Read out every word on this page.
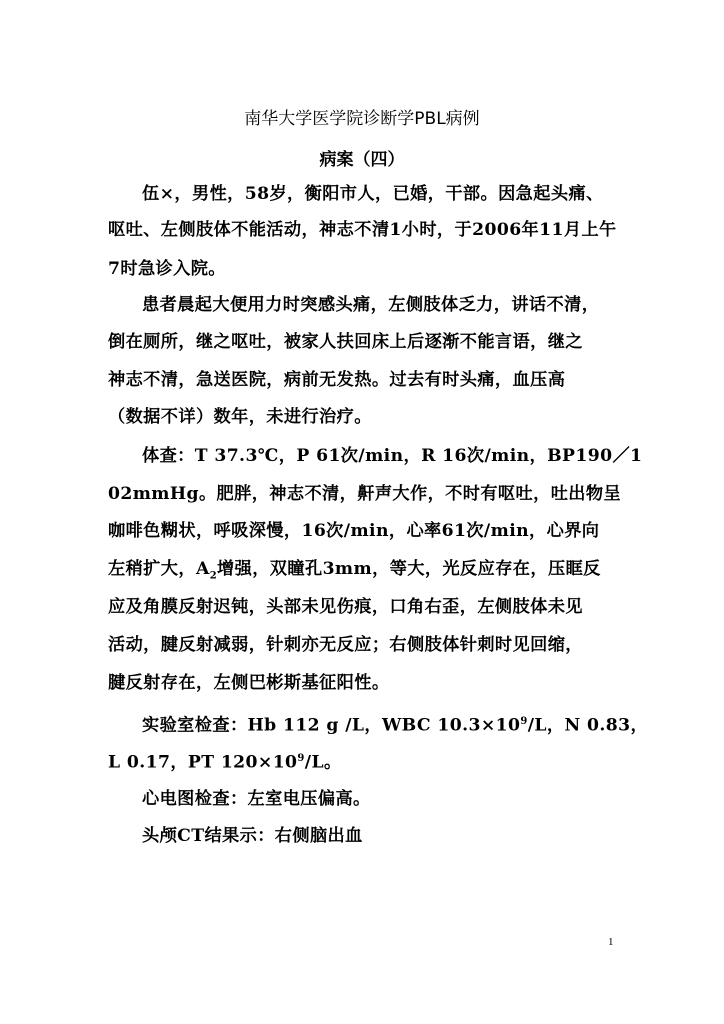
南华大学医学院诊断学PBL病例
病案（四）
伍×，男性，58岁，衡阳市人，已婚，干部。因急起头痛、
呕吐、左侧肢体不能活动，神志不清1小时，于2006年11月上午
7时急诊入院。
患者晨起大便用力时突感头痛，左侧肢体乏力，讲话不清，
倒在厕所，继之呕吐，被家人扶回床上后逐渐不能言语，继之
神志不清，急送医院，病前无发热。过去有时头痛，血压高
（数据不详）数年，未进行治疗。
体查：T 37.3℃，P 61次/min，R 16次/min，BP190／1
02mmHg。肥胖，神志不清，鼾声大作，不时有呕吐，吐出物呈
咖啡色糊状，呼吸深慢，16次/min，心率61次/min，心界向
左稍扩大，$A_2$增强，双瞳孔3mm，等大，光反应存在，压眶反
应及角膜反射迟钝，头部未见伤痕，口角右歪，左侧肢体未见
活动，腱反射减弱，针刺亦无反应；右侧肢体针刺时见回缩，
腱反射存在，左侧巴彬斯基征阳性。
实验室检查：Hb 112 g /L，WBC $10.3\times 10^9/L$，N 0.83，
L 0.17，PT $120\times 10^9/L$。
心电图检查：左室电压偏高。
头颅CT结果示：右侧脑出血
1
